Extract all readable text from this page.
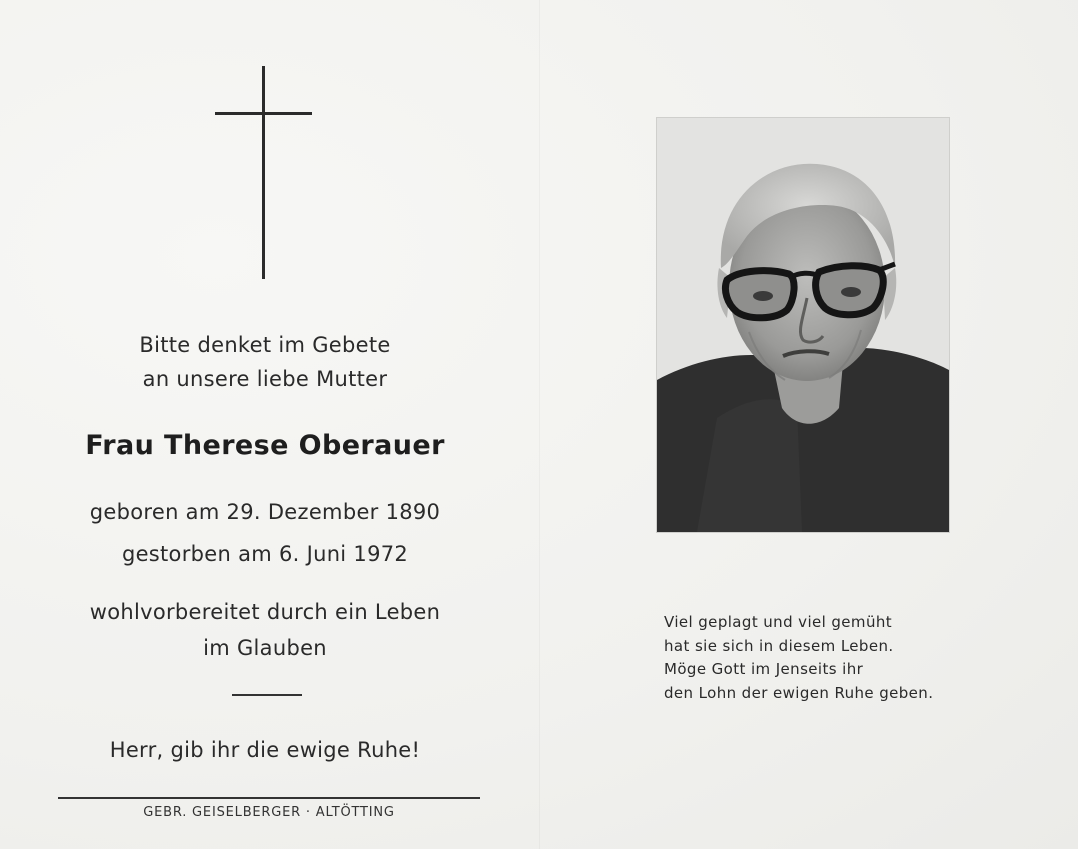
Bitte denket im Gebete
an unsere liebe Mutter
Frau Therese Oberauer
geboren am 29. Dezember 1890
gestorben am 6. Juni 1972
wohlvorbereitet durch ein Leben
im Glauben
Herr, gib ihr die ewige Ruhe!
GEBR. GEISELBERGER · ALTÖTTING
Viel geplagt und viel gemüht
hat sie sich in diesem Leben.
Möge Gott im Jenseits ihr
den Lohn der ewigen Ruhe geben.
